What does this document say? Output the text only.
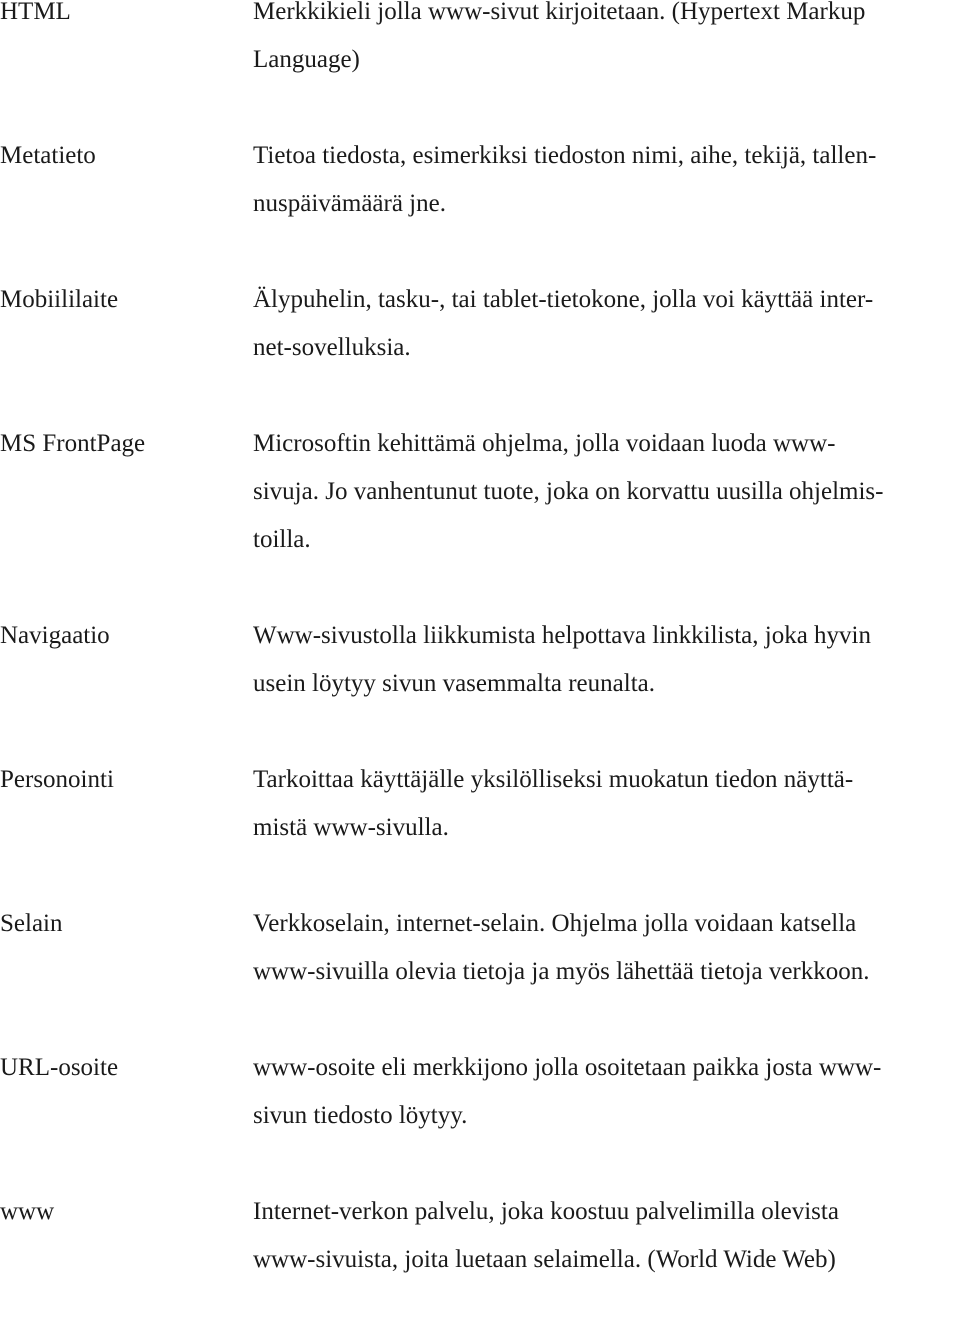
HTML	Merkkikieli jolla www-sivut kirjoitetaan. (Hypertext Markup
Language)
Metatieto	Tietoa tiedosta, esimerkiksi tiedoston nimi, aihe, tekijä, tallen-
nuspäivämäärä jne.
Mobiililaite	Älypuhelin, tasku-, tai tablet-tietokone, jolla voi käyttää inter-
net-sovelluksia.
MS FrontPage	Microsoftin kehittämä ohjelma, jolla voidaan luoda www-
sivuja. Jo vanhentunut tuote, joka on korvattu uusilla ohjelmis-
toilla.
Navigaatio	Www-sivustolla liikkumista helpottava linkkilista, joka hyvin
usein löytyy sivun vasemmalta reunalta.
Personointi	Tarkoittaa käyttäjälle yksilölliseksi muokatun tiedon näyttä-
mistä www-sivulla.
Selain	Verkkoselain, internet-selain. Ohjelma jolla voidaan katsella
www-sivuilla olevia tietoja ja myös lähettää tietoja verkkoon.
URL-osoite	www-osoite eli merkkijono jolla osoitetaan paikka josta www-
sivun tiedosto löytyy.
www	Internet-verkon palvelu, joka koostuu palvelimilla olevista
www-sivuista, joita luetaan selaimella. (World Wide Web)
